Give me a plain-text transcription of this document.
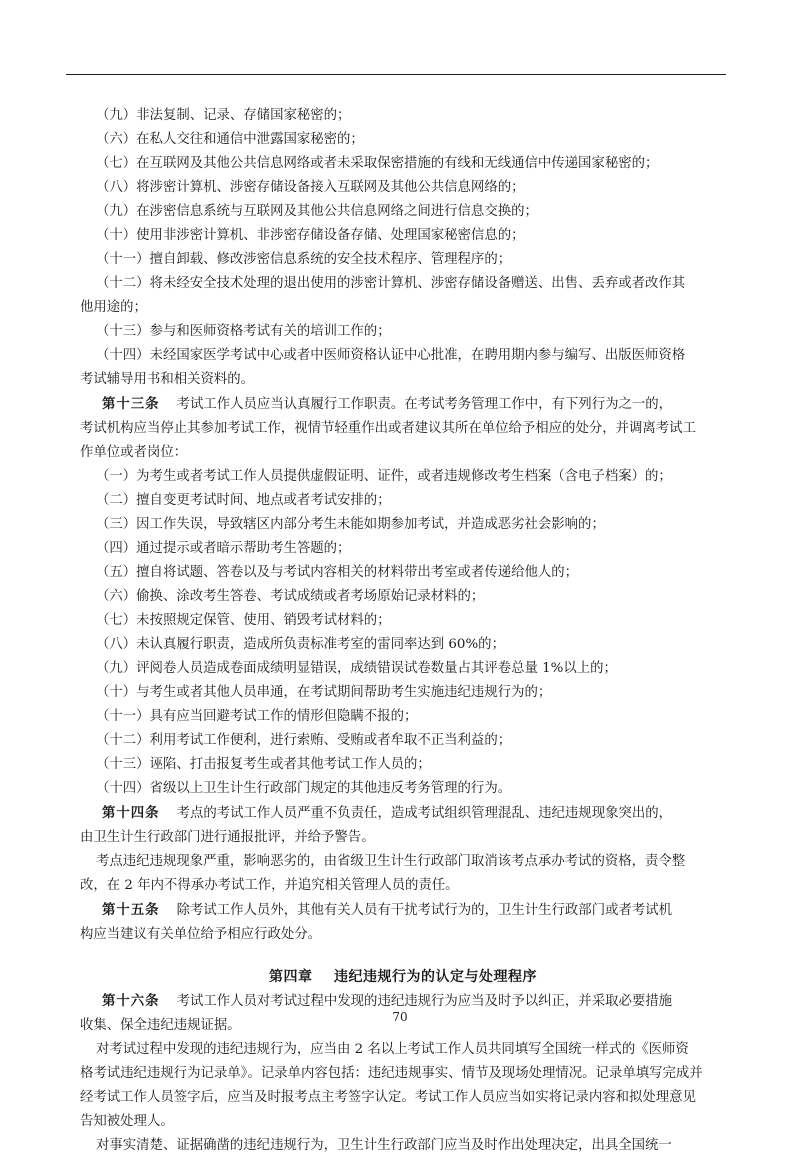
（九）非法复制、记录、存储国家秘密的；

（六）在私人交往和通信中泄露国家秘密的；

（七）在互联网及其他公共信息网络或者未采取保密措施的有线和无线通信中传递国家秘密的；

（八）将涉密计算机、涉密存储设备接入互联网及其他公共信息网络的；

（九）在涉密信息系统与互联网及其他公共信息网络之间进行信息交换的；

（十）使用非涉密计算机、非涉密存储设备存储、处理国家秘密信息的；

（十一）擅自卸载、修改涉密信息系统的安全技术程序、管理程序的；

（十二）将未经安全技术处理的退出使用的涉密计算机、涉密存储设备赠送、出售、丢弃或者改作其

他用途的；

（十三）参与和医师资格考试有关的培训工作的；

（十四）未经国家医学考试中心或者中医师资格认证中心批准，在聘用期内参与编写、出版医师资格

考试辅导用书和相关资料的。

第十三条 考试工作人员应当认真履行工作职责。在考试考务管理工作中，有下列行为之一的，

考试机构应当停止其参加考试工作，视情节轻重作出或者建议其所在单位给予相应的处分，并调离考试工

作单位或者岗位：

（一）为考生或者考试工作人员提供虚假证明、证件，或者违规修改考生档案（含电子档案）的；

（二）擅自变更考试时间、地点或者考试安排的；

（三）因工作失误，导致辖区内部分考生未能如期参加考试，并造成恶劣社会影响的；

（四）通过提示或者暗示帮助考生答题的；

（五）擅自将试题、答卷以及与考试内容相关的材料带出考室或者传递给他人的；

（六）偷换、涂改考生答卷、考试成绩或者考场原始记录材料的；

（七）未按照规定保管、使用、销毁考试材料的；

（八）未认真履行职责，造成所负责标准考室的雷同率达到 60%的；

（九）评阅卷人员造成卷面成绩明显错误，成绩错误试卷数量占其评卷总量 1%以上的；

（十）与考生或者其他人员串通，在考试期间帮助考生实施违纪违规行为的；

（十一）具有应当回避考试工作的情形但隐瞒不报的；

（十二）利用考试工作便利，进行索贿、受贿或者牟取不正当利益的；

（十三）诬陷、打击报复考生或者其他考试工作人员的；

（十四）省级以上卫生计生行政部门规定的其他违反考务管理的行为。

第十四条 考点的考试工作人员严重不负责任，造成考试组织管理混乱、违纪违规现象突出的，

由卫生计生行政部门进行通报批评，并给予警告。

考点违纪违规现象严重，影响恶劣的，由省级卫生计生行政部门取消该考点承办考试的资格，责令整

改，在 2 年内不得承办考试工作，并追究相关管理人员的责任。

第十五条 除考试工作人员外，其他有关人员有干扰考试行为的，卫生计生行政部门或者考试机

构应当建议有关单位给予相应行政处分。

第四章 违纪违规行为的认定与处理程序

第十六条 考试工作人员对考试过程中发现的违纪违规行为应当及时予以纠正，并采取必要措施

收集、保全违纪违规证据。

对考试过程中发现的违纪违规行为，应当由 2 名以上考试工作人员共同填写全国统一样式的《医师资

格考试违纪违规行为记录单》。记录单内容包括：违纪违规事实、情节及现场处理情况。记录单填写完成并

经考试工作人员签字后，应当及时报考点主考签字认定。考试工作人员应当如实将记录内容和拟处理意见

告知被处理人。

对事实清楚、证据确凿的违纪违规行为，卫生计生行政部门应当及时作出处理决定，出具全国统一

70
